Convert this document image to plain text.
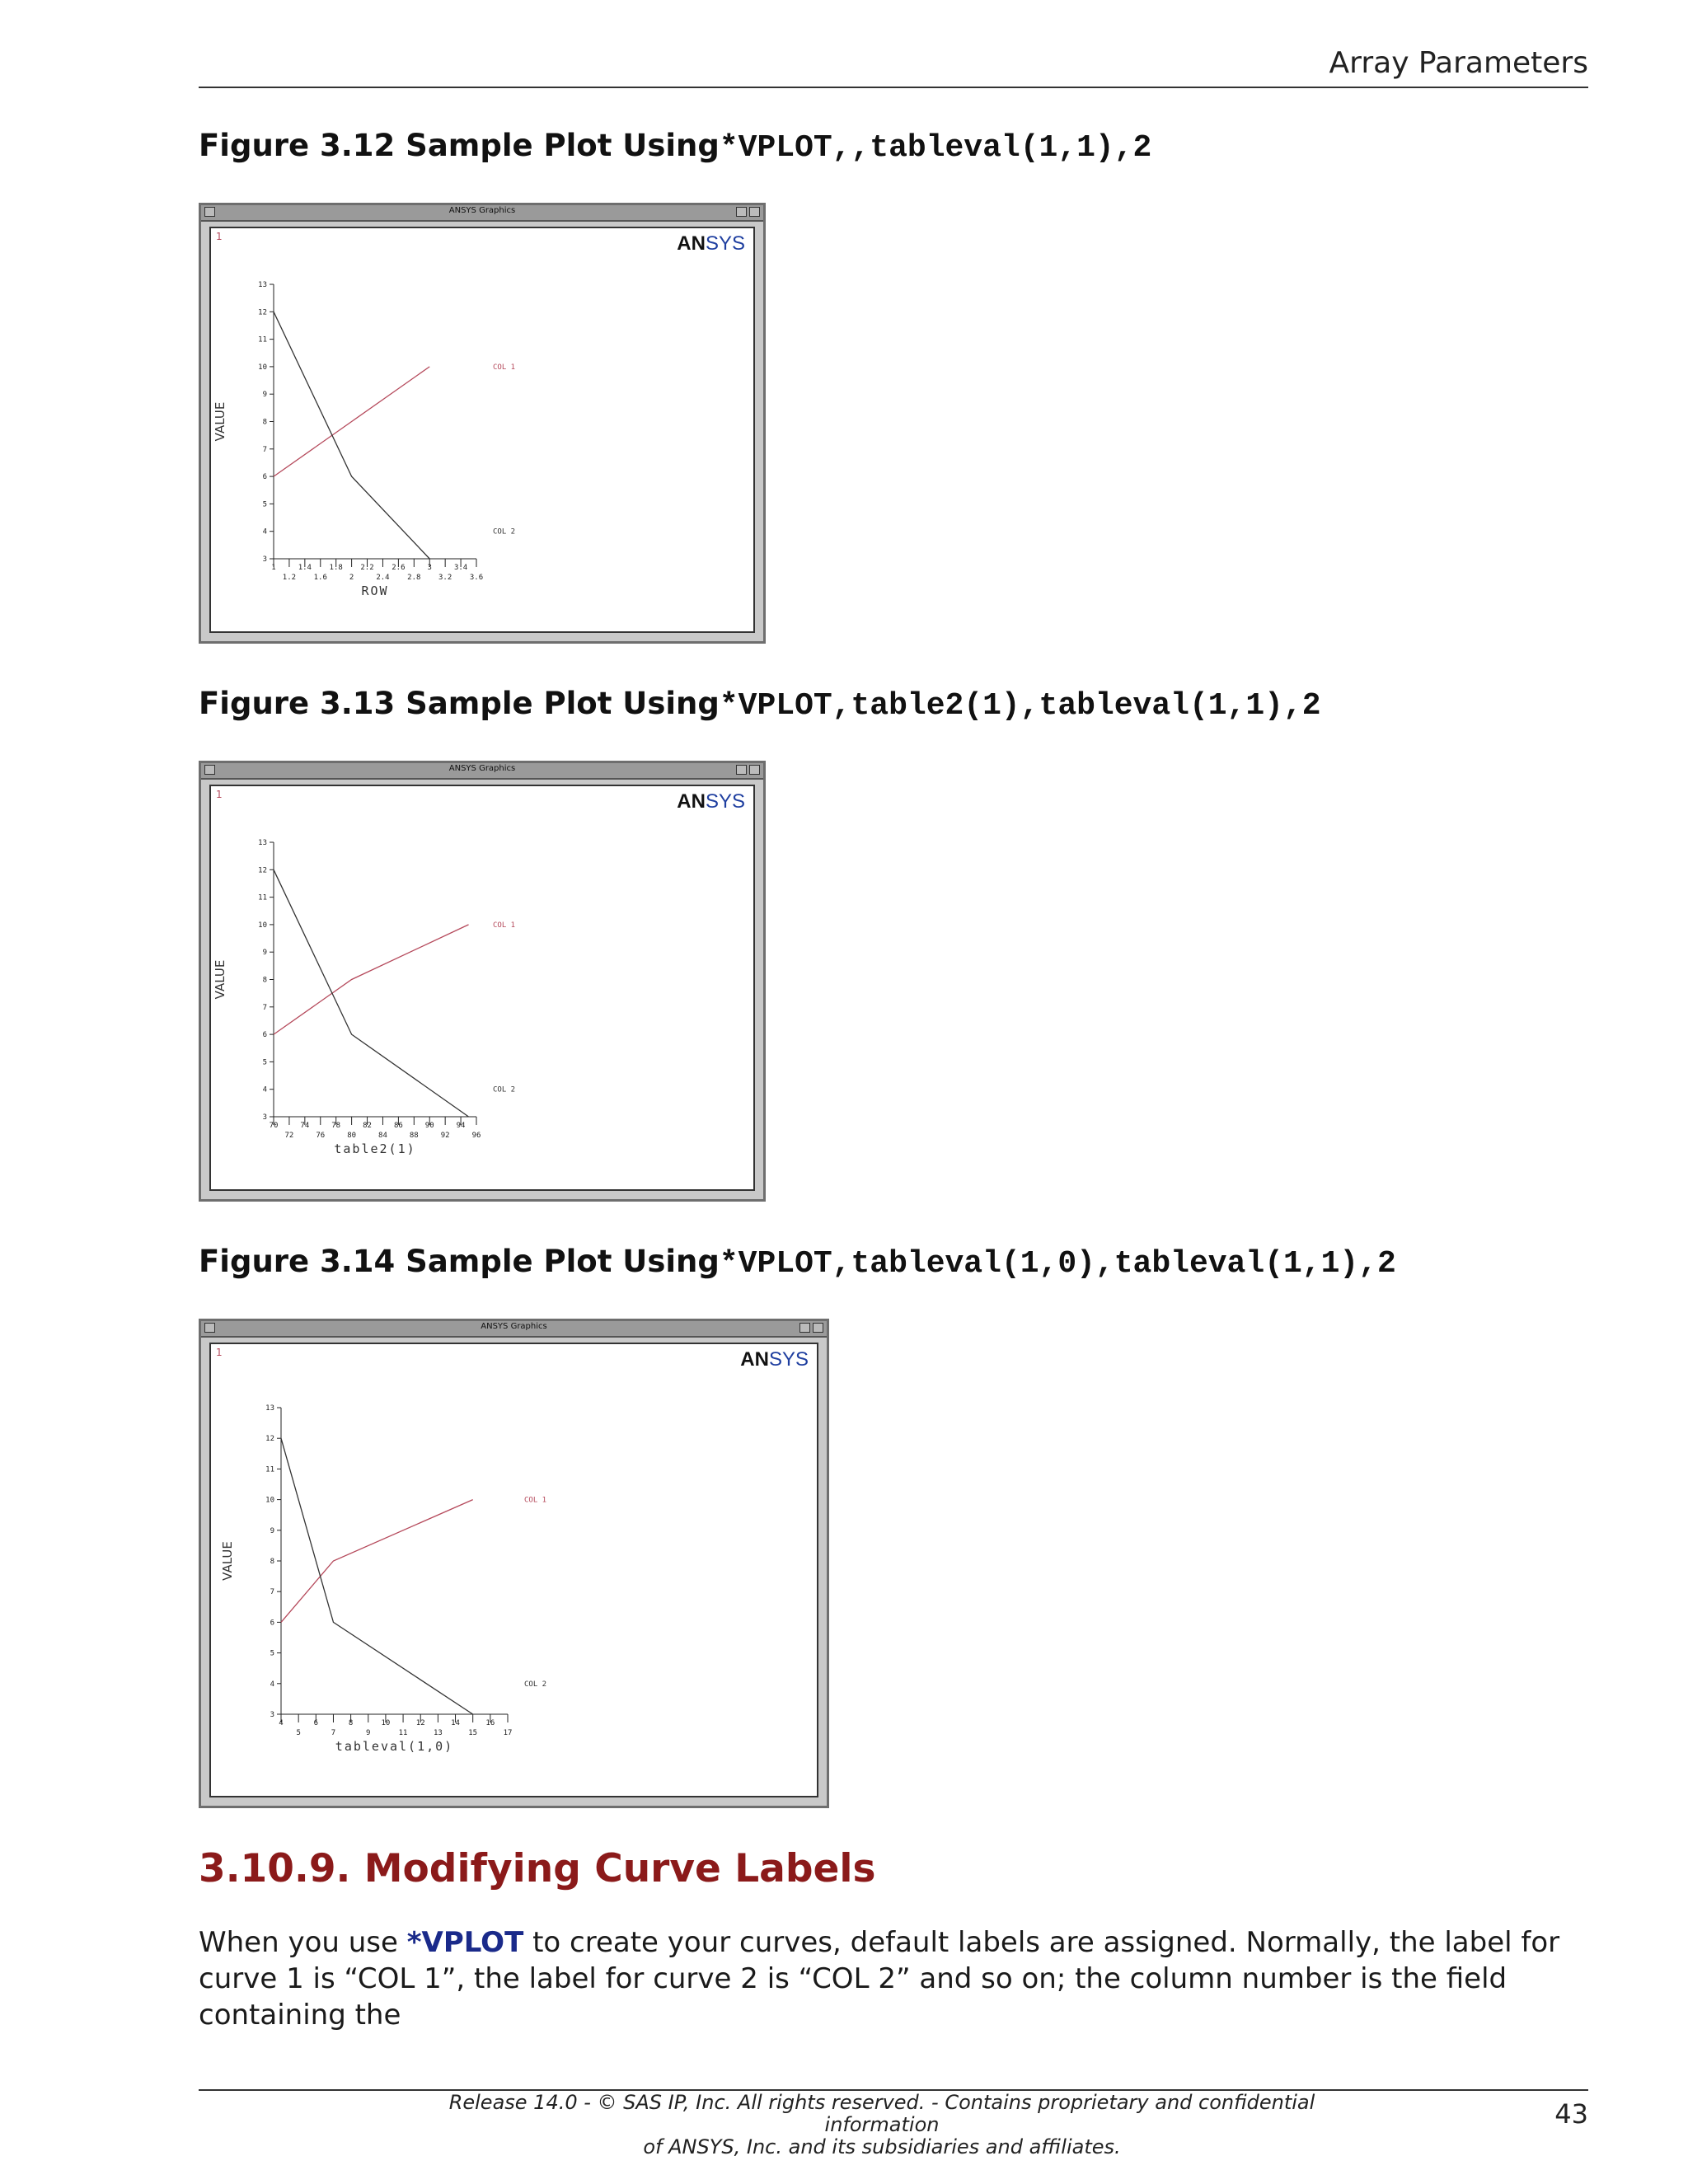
Array Parameters
Figure 3.12 Sample Plot Using*VPLOT,,tableval(1,1),2
ANSYS Graphics
1	ANSYS
3
4
5
6
7
8
9
10
11
12
13
1	1.4 1.8 2.2 2.6	3	3.4
1.2 1.6	2	2.4 2.8 3.2 3.6
ROW
VALUE
COL 1
COL 2
Figure 3.13 Sample Plot Using*VPLOT,table2(1),tableval(1,1),2
ANSYS Graphics
1	ANSYS
3
4
5
6
7
8
9
10
11
12
13
70	74	78	82	86	90	94
72	76	80	84	88	92	96
table2(1)
VALUE
COL 1
COL 2
Figure 3.14 Sample Plot Using*VPLOT,tableval(1,0),tableval(1,1),2
ANSYS Graphics
1	ANSYS
3
4
5
6
7
8
9
10
11
12
13
4	6	8	10	12	14	16
5	7	9	11	13	15	17
tableval(1,0)
VALUE
COL 1
COL 2
3.10.9. Modifying Curve Labels
When you use *VPLOT to create your curves, default labels are assigned. Normally, the label for curve 1 is “COL 1”, the label for curve 2 is “COL 2” and so on; the column number is the field containing the
Release 14.0 - © SAS IP, Inc. All rights reserved. - Contains proprietary and confidential information
of ANSYS, Inc. and its subsidiaries and affiliates.
43
